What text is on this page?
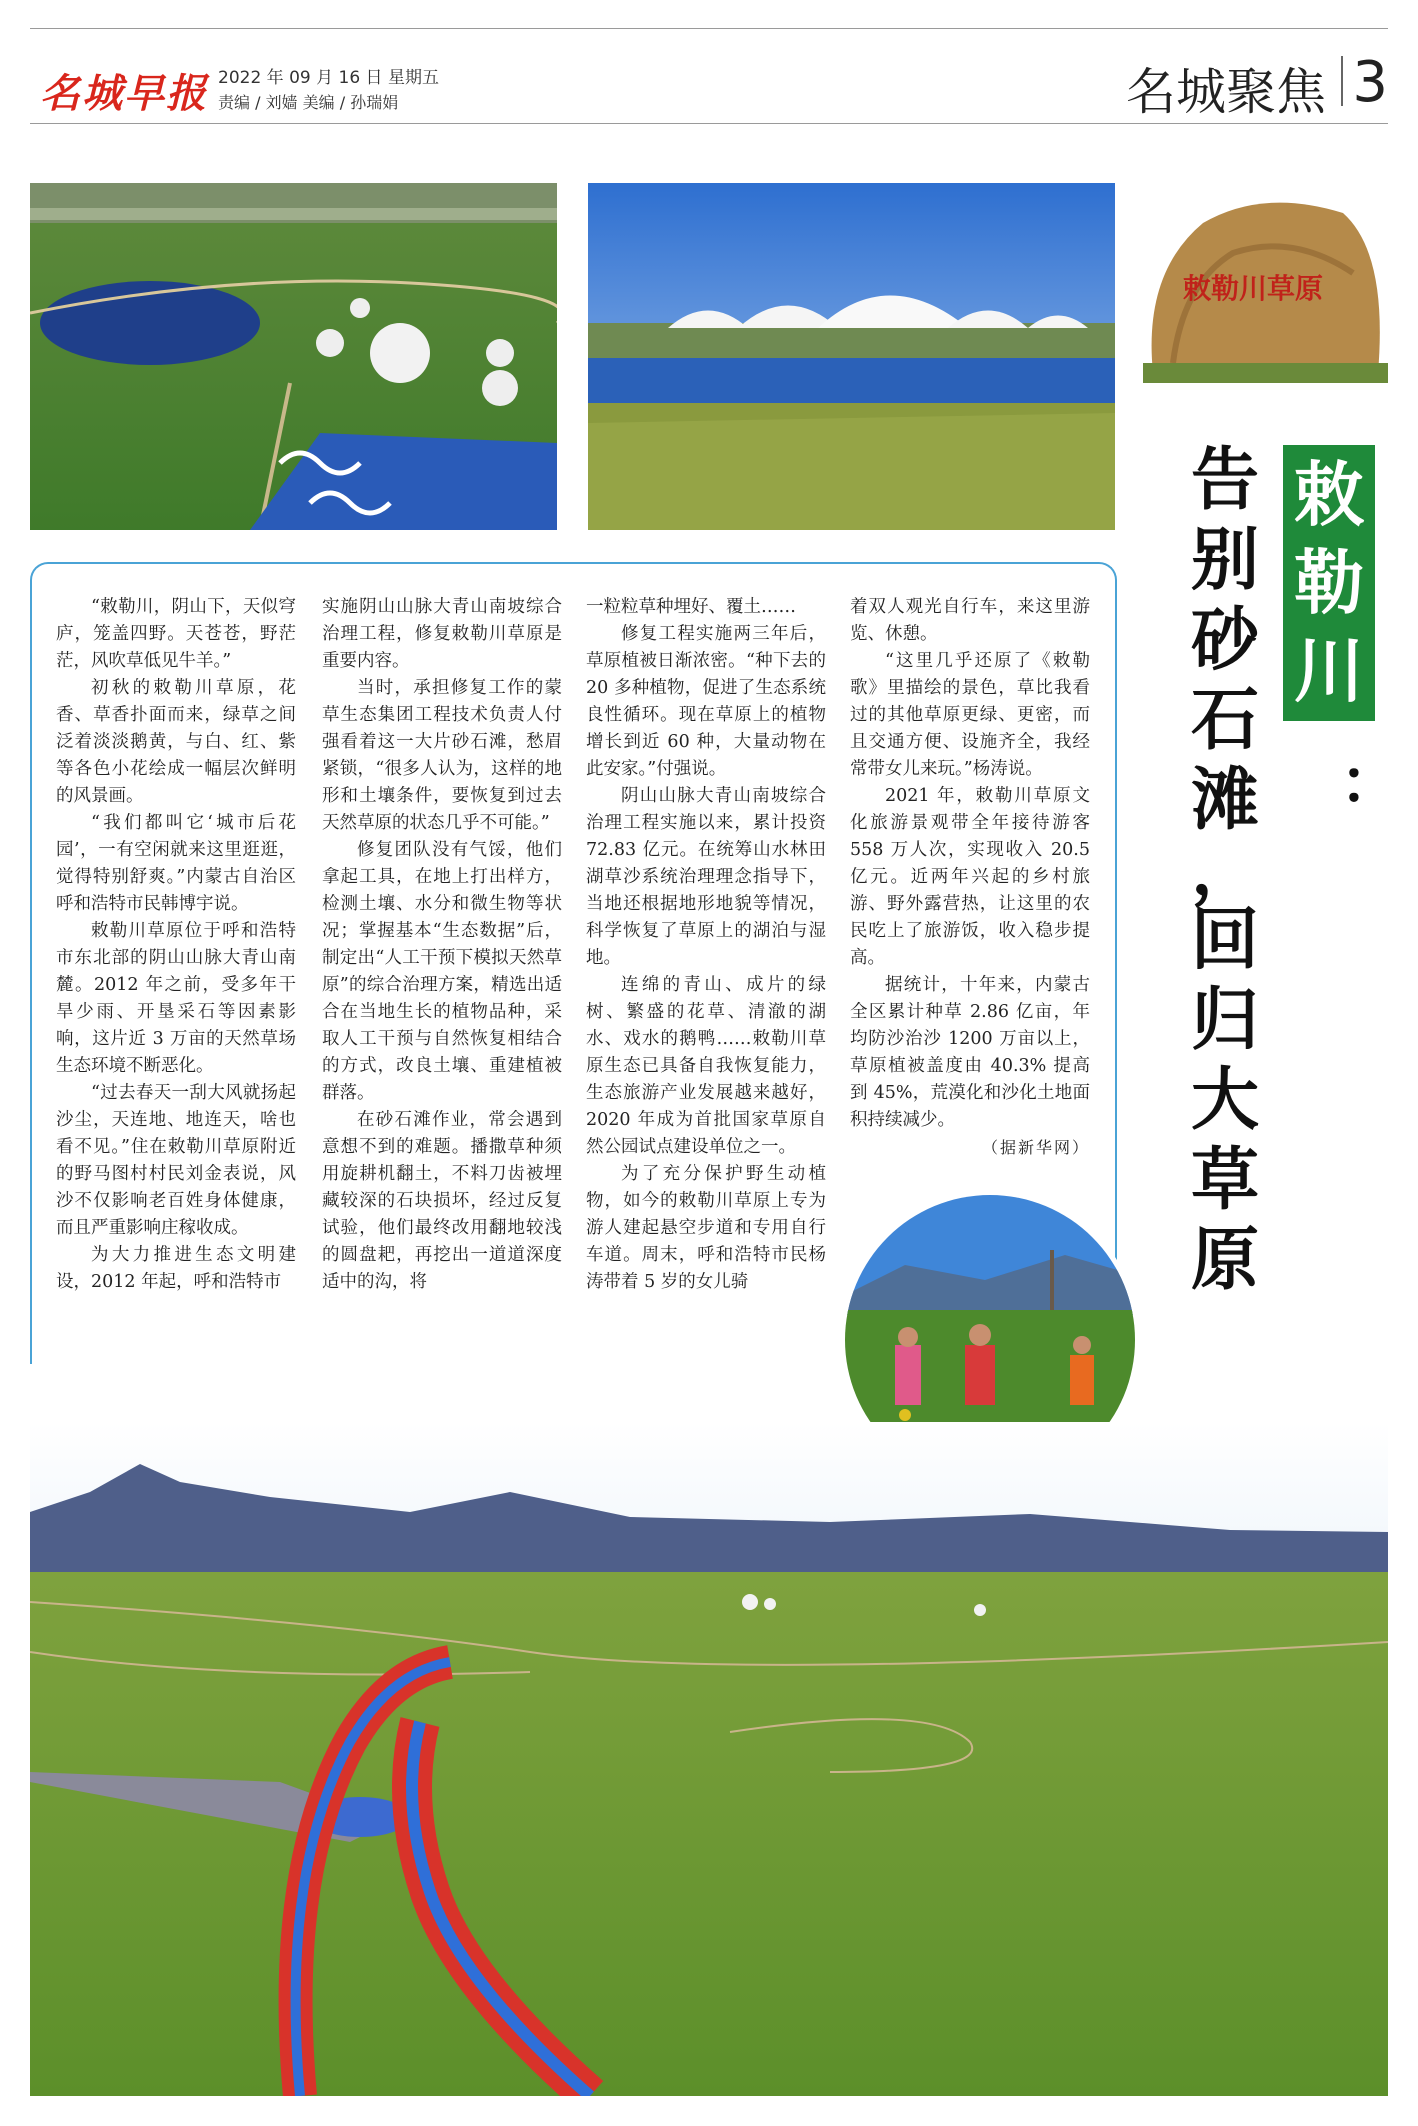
名城早报 2022 年 09 月 16 日 星期五
责编 / 刘嫱 美编 / 孙瑞娟	名城聚焦 3
敕勒川草原
告
别
砂
石
滩
，
回
归
大
草
原
敕
勒
川
：

“敕勒川，阴山下，天似穹庐，笼盖四野。天苍苍，野茫茫，风吹草低见牛羊。”

初秋的敕勒川草原，花香、草香扑面而来，绿草之间泛着淡淡鹅黄，与白、红、紫等各色小花绘成一幅层次鲜明的风景画。

“我们都叫它‘城市后花园’，一有空闲就来这里逛逛，觉得特别舒爽。”内蒙古自治区呼和浩特市民韩博宇说。

敕勒川草原位于呼和浩特市东北部的阴山山脉大青山南麓。2012 年之前，受多年干旱少雨、开垦采石等因素影响，这片近 3 万亩的天然草场生态环境不断恶化。

“过去春天一刮大风就扬起沙尘，天连地、地连天，啥也看不见。”住在敕勒川草原附近的野马图村村民刘金表说，风沙不仅影响老百姓身体健康，而且严重影响庄稼收成。

为大力推进生态文明建设，2012 年起，呼和浩特市

实施阴山山脉大青山南坡综合治理工程，修复敕勒川草原是重要内容。

当时，承担修复工作的蒙草生态集团工程技术负责人付强看着这一大片砂石滩，愁眉紧锁，“很多人认为，这样的地形和土壤条件，要恢复到过去天然草原的状态几乎不可能。”

修复团队没有气馁，他们拿起工具，在地上打出样方，检测土壤、水分和微生物等状况；掌握基本“生态数据”后，制定出“人工干预下模拟天然草原”的综合治理方案，精选出适合在当地生长的植物品种，采取人工干预与自然恢复相结合的方式，改良土壤、重建植被群落。

在砂石滩作业，常会遇到意想不到的难题。播撒草种须用旋耕机翻土，不料刀齿被埋藏较深的石块损坏，经过反复试验，他们最终改用翻地较浅的圆盘耙，再挖出一道道深度适中的沟，将

一粒粒草种埋好、覆土……

修复工程实施两三年后，草原植被日渐浓密。“种下去的 20 多种植物，促进了生态系统良性循环。现在草原上的植物增长到近 60 种，大量动物在此安家。”付强说。

阴山山脉大青山南坡综合治理工程实施以来，累计投资 72.83 亿元。在统筹山水林田湖草沙系统治理理念指导下，当地还根据地形地貌等情况，科学恢复了草原上的湖泊与湿地。

连绵的青山、成片的绿树、繁盛的花草、清澈的湖水、戏水的鹅鸭……敕勒川草原生态已具备自我恢复能力，生态旅游产业发展越来越好，2020 年成为首批国家草原自然公园试点建设单位之一。

为了充分保护野生动植物，如今的敕勒川草原上专为游人建起悬空步道和专用自行车道。周末，呼和浩特市民杨涛带着 5 岁的女儿骑

着双人观光自行车，来这里游览、休憩。

“这里几乎还原了《敕勒歌》里描绘的景色，草比我看过的其他草原更绿、更密，而且交通方便、设施齐全，我经常带女儿来玩。”杨涛说。

2021 年，敕勒川草原文化旅游景观带全年接待游客 558 万人次，实现收入 20.5 亿元。近两年兴起的乡村旅游、野外露营热，让这里的农民吃上了旅游饭，收入稳步提高。

据统计，十年来，内蒙古全区累计种草 2.86 亿亩，年均防沙治沙 1200 万亩以上，草原植被盖度由 40.3% 提高到 45%，荒漠化和沙化土地面积持续减少。

（据新华网）
